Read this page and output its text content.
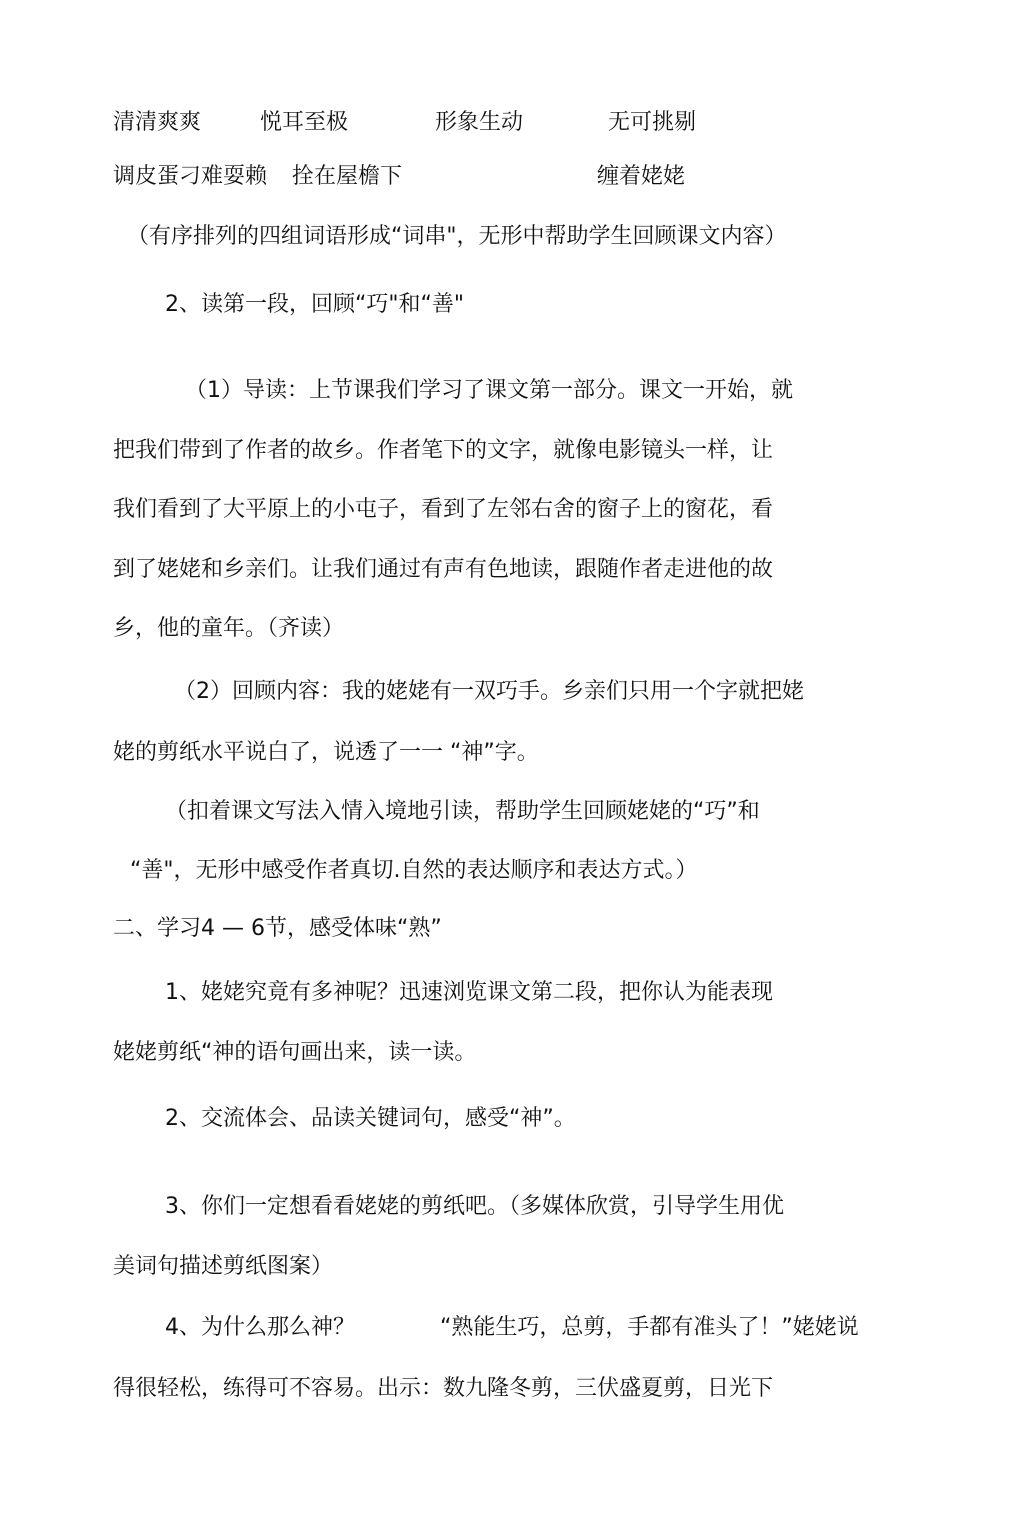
清清爽爽	悦耳至极	形象生动	无可挑剔
调皮蛋刁难耍赖 拴在屋檐下	缠着姥姥
（有序排列的四组词语形成“词串"，无形中帮助学生回顾课文内容）
2、读第一段，回顾“巧"和“善"
（1）导读：上节课我们学习了课文第一部分。课文一开始，就
把我们带到了作者的故乡。作者笔下的文字，就像电影镜头一样，让
我们看到了大平原上的小屯子，看到了左邻右舍的窗子上的窗花，看
到了姥姥和乡亲们。让我们通过有声有色地读，跟随作者走进他的故
乡，他的童年。（齐读）
（2）回顾内容：我的姥姥有一双巧手。乡亲们只用一个字就把姥
姥的剪纸水平说白了，说透了一一 “神”字。
（扣着课文写法入情入境地引读，帮助学生回顾姥姥的“巧”和
“善"，无形中感受作者真切.自然的表达顺序和表达方式。）
二、学习4 — 6节，感受体味“熟”
1、姥姥究竟有多神呢？迅速浏览课文第二段，把你认为能表现
姥姥剪纸“神的语句画出来，读一读。
2、交流体会、品读关键词句，感受“神”。
3、你们一定想看看姥姥的剪纸吧。（多媒体欣赏，引导学生用优
美词句描述剪纸图案）
4、为什么那么神？	“熟能生巧，总剪，手都有准头了！”姥姥说
得很轻松，练得可不容易。出示：数九隆冬剪，三伏盛夏剪，日光下
